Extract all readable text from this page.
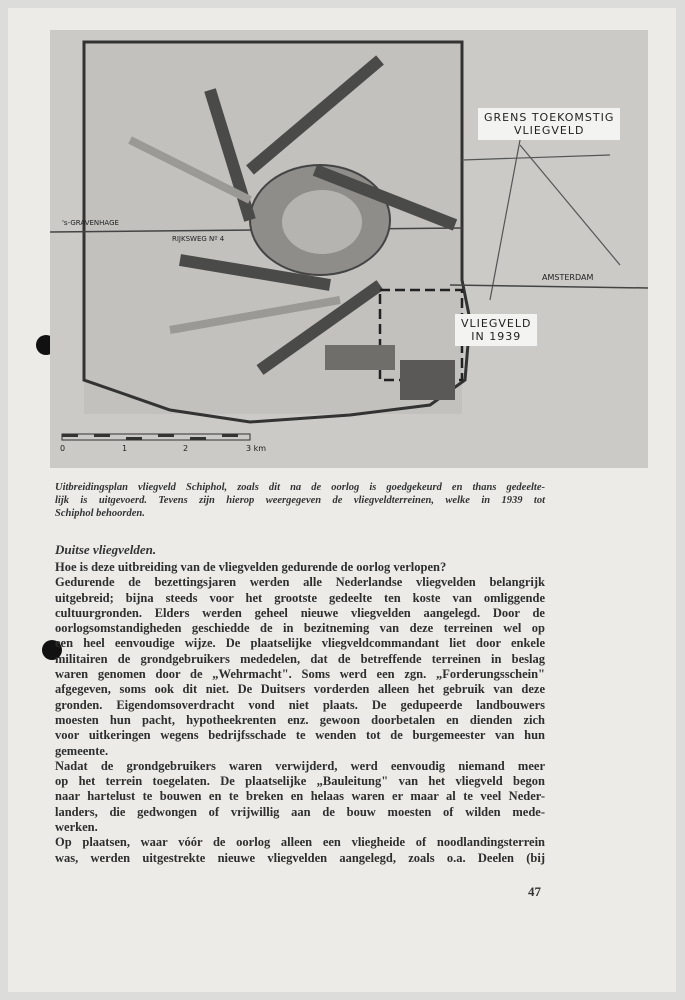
GRENS TOEKOMSTIG
VLIEGVELD
VLIEGVELD
IN 1939
AMSTERDAM
's-GRAVENHAGE
RIJKSWEG Nº 4
0	1	2	3 km
Uitbreidingsplan vliegveld Schiphol, zoals dit na de oorlog is goedgekeurd en thans gedeelte-
lijk is uitgevoerd. Tevens zijn hierop weergegeven de vliegveldterreinen, welke in 1939 tot
Schiphol behoorden.
Duitse vliegvelden.
Hoe is deze uitbreiding van de vliegvelden gedurende de oorlog verlopen?
Gedurende de bezettingsjaren werden alle Nederlandse vliegvelden belangrijk
uitgebreid; bijna steeds voor het grootste gedeelte ten koste van omliggende
cultuurgronden. Elders werden geheel nieuwe vliegvelden aangelegd. Door de
oorlogsomstandigheden geschiedde de in bezitneming van deze terreinen wel op
een heel eenvoudige wijze. De plaatselijke vliegveldcommandant liet door enkele
militairen de grondgebruikers mededelen, dat de betreffende terreinen in beslag
waren genomen door de „Wehrmacht". Soms werd een zgn. „Forderungsschein"
afgegeven, soms ook dit niet. De Duitsers vorderden alleen het gebruik van deze
gronden. Eigendomsoverdracht vond niet plaats. De gedupeerde landbouwers
moesten hun pacht, hypotheekrenten enz. gewoon doorbetalen en dienden zich
voor uitkeringen wegens bedrijfsschade te wenden tot de burgemeester van hun
gemeente.
Nadat de grondgebruikers waren verwijderd, werd eenvoudig niemand meer
op het terrein toegelaten. De plaatselijke „Bauleitung" van het vliegveld begon
naar hartelust te bouwen en te breken en helaas waren er maar al te veel Neder-
landers, die gedwongen of vrijwillig aan de bouw moesten of wilden mede-
werken.
Op plaatsen, waar vóór de oorlog alleen een vliegheide of noodlandingsterrein
was, werden uitgestrekte nieuwe vliegvelden aangelegd, zoals o.a. Deelen (bij
47
